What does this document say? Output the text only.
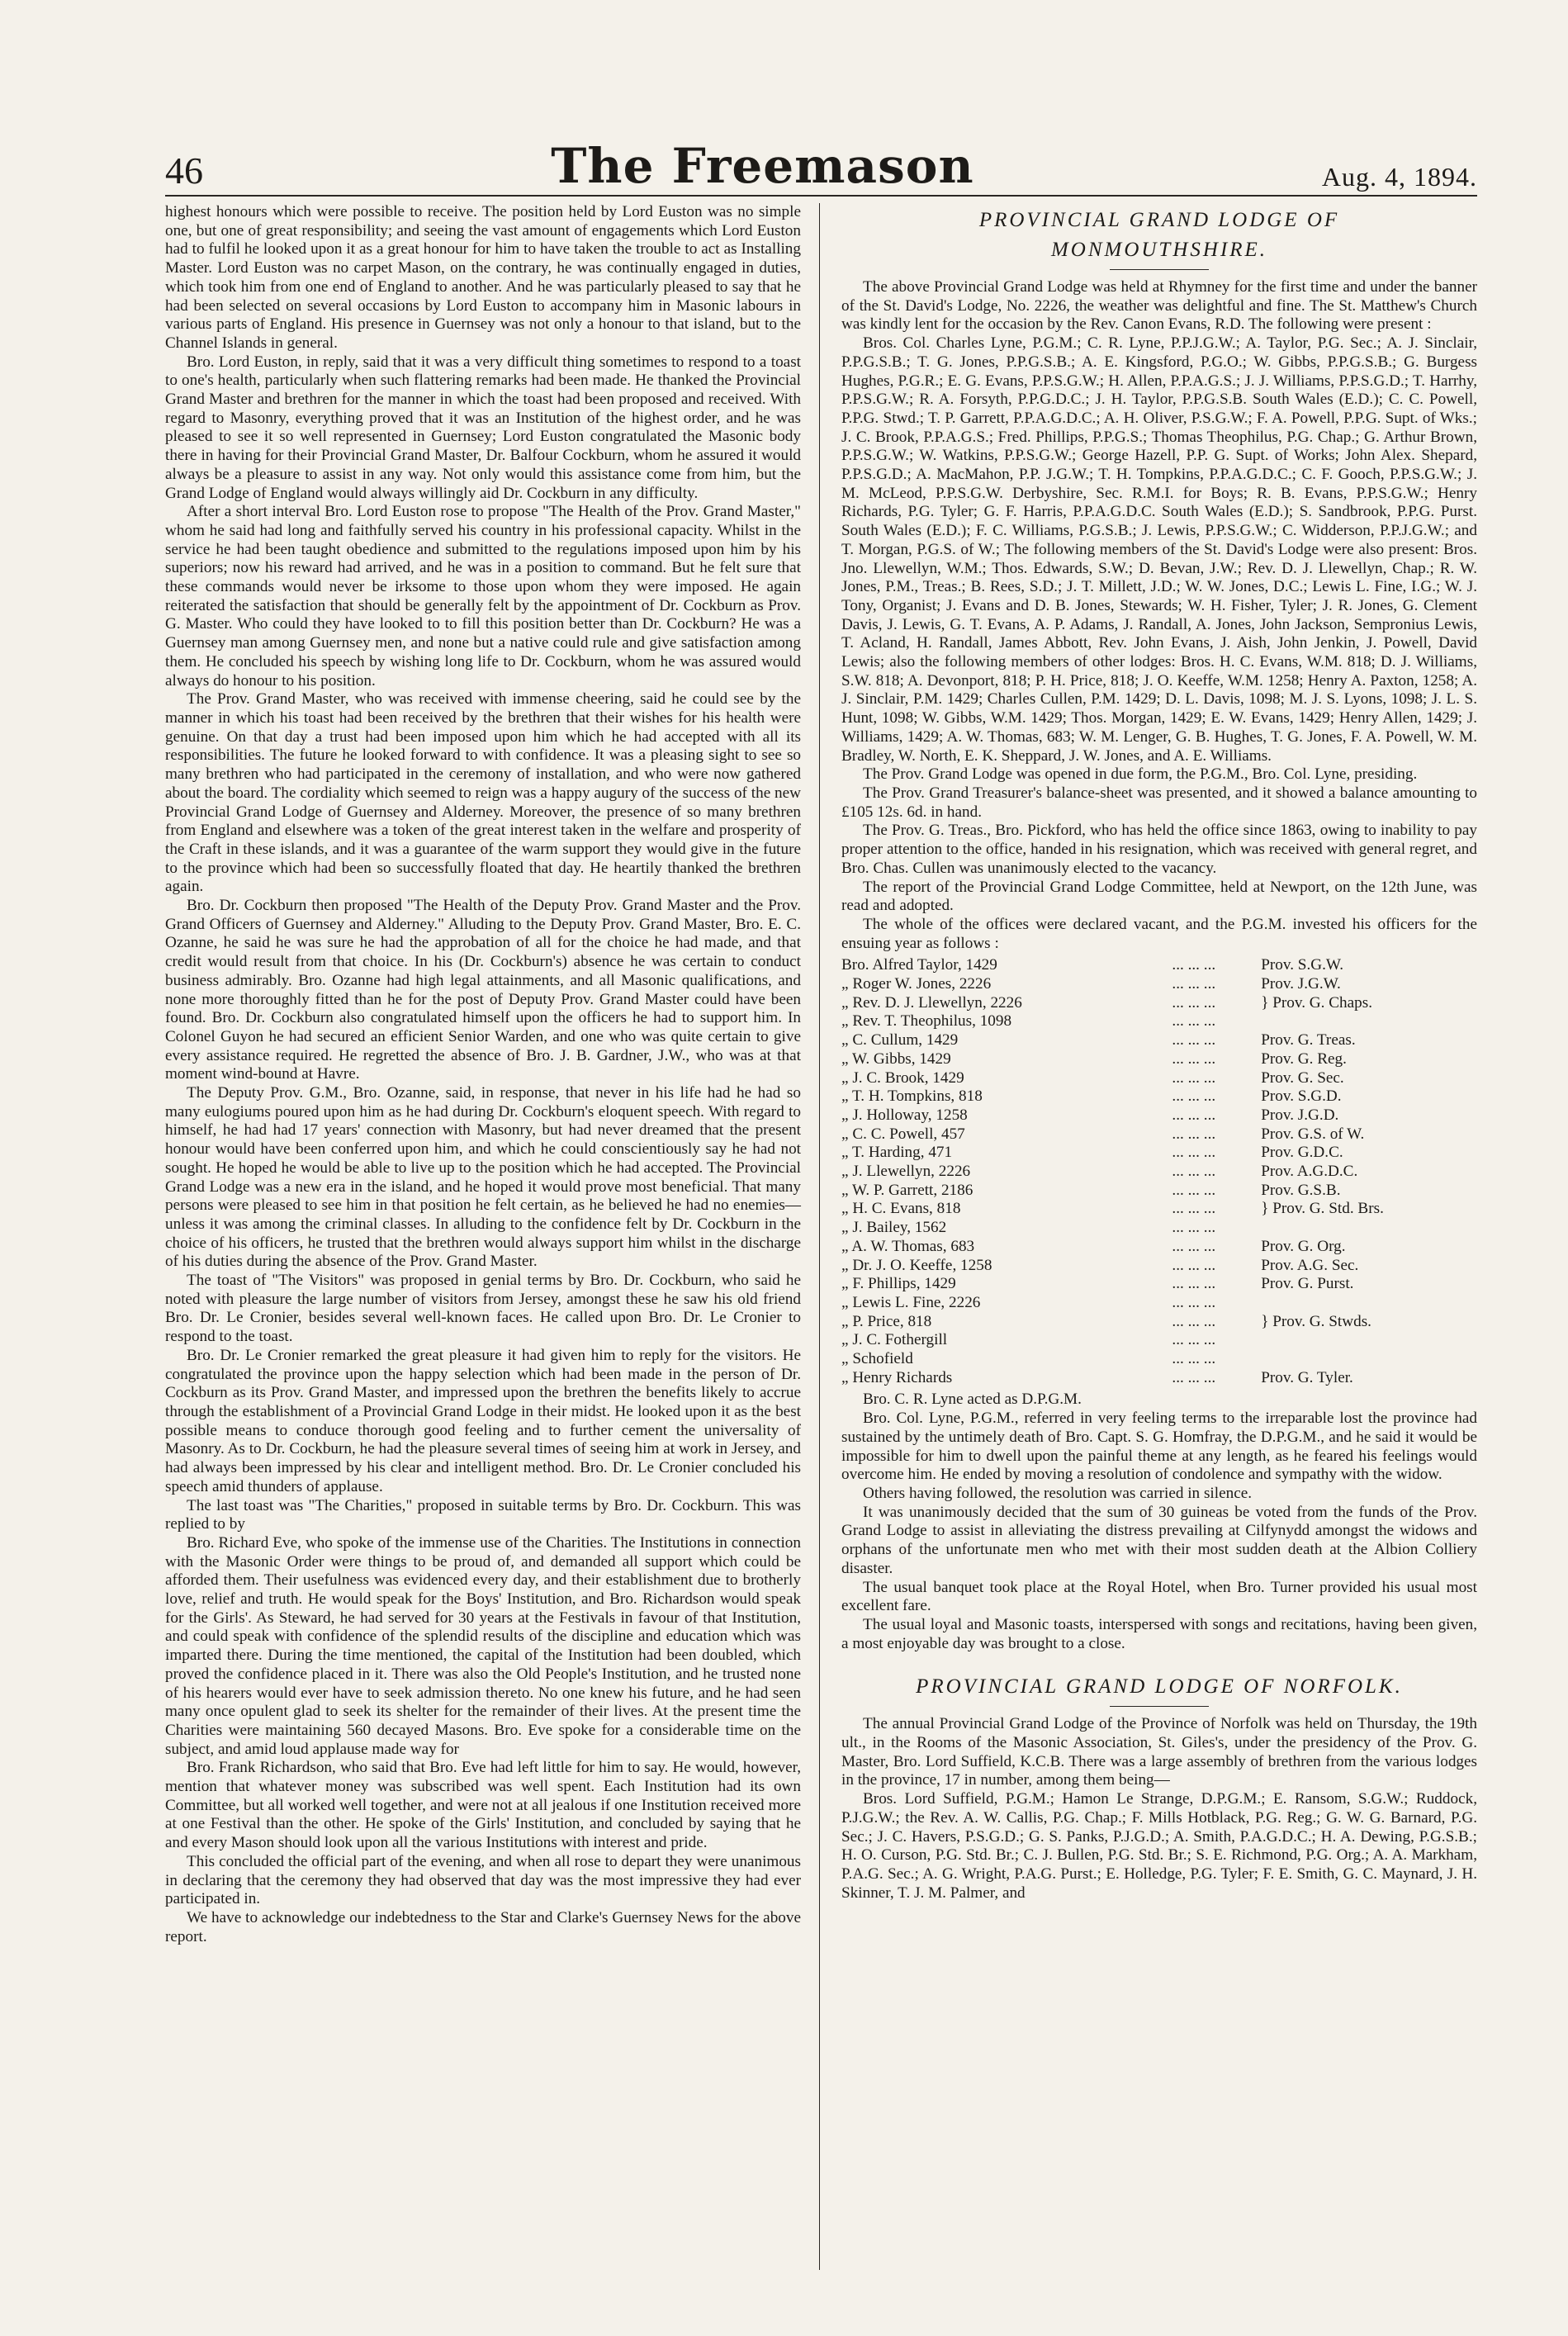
46	The Freemason	Aug. 4, 1894.

highest honours which were possible to receive. The position held by Lord Euston was no simple one, but one of great responsibility; and seeing the vast amount of engagements which Lord Euston had to fulfil he looked upon it as a great honour for him to have taken the trouble to act as Installing Master. Lord Euston was no carpet Mason, on the contrary, he was continually engaged in duties, which took him from one end of England to another. And he was particularly pleased to say that he had been selected on several occasions by Lord Euston to accompany him in Masonic labours in various parts of England. His presence in Guernsey was not only a honour to that island, but to the Channel Islands in general.

Bro. Lord Euston, in reply, said that it was a very difficult thing sometimes to respond to a toast to one's health, particularly when such flattering remarks had been made. He thanked the Provincial Grand Master and brethren for the manner in which the toast had been proposed and received. With regard to Masonry, everything proved that it was an Institution of the highest order, and he was pleased to see it so well represented in Guernsey; Lord Euston congratulated the Masonic body there in having for their Provincial Grand Master, Dr. Balfour Cockburn, whom he assured it would always be a pleasure to assist in any way. Not only would this assistance come from him, but the Grand Lodge of England would always willingly aid Dr. Cockburn in any difficulty.

After a short interval Bro. Lord Euston rose to propose "The Health of the Prov. Grand Master," whom he said had long and faithfully served his country in his professional capacity. Whilst in the service he had been taught obedience and submitted to the regulations imposed upon him by his superiors; now his reward had arrived, and he was in a position to command. But he felt sure that these commands would never be irksome to those upon whom they were imposed. He again reiterated the satisfaction that should be generally felt by the appointment of Dr. Cockburn as Prov. G. Master. Who could they have looked to to fill this position better than Dr. Cockburn? He was a Guernsey man among Guernsey men, and none but a native could rule and give satisfaction among them. He concluded his speech by wishing long life to Dr. Cockburn, whom he was assured would always do honour to his position.

The Prov. Grand Master, who was received with immense cheering, said he could see by the manner in which his toast had been received by the brethren that their wishes for his health were genuine. On that day a trust had been imposed upon him which he had accepted with all its responsibilities. The future he looked forward to with confidence. It was a pleasing sight to see so many brethren who had participated in the ceremony of installation, and who were now gathered about the board. The cordiality which seemed to reign was a happy augury of the success of the new Provincial Grand Lodge of Guernsey and Alderney. Moreover, the presence of so many brethren from England and elsewhere was a token of the great interest taken in the welfare and prosperity of the Craft in these islands, and it was a guarantee of the warm support they would give in the future to the province which had been so successfully floated that day. He heartily thanked the brethren again.

Bro. Dr. Cockburn then proposed "The Health of the Deputy Prov. Grand Master and the Prov. Grand Officers of Guernsey and Alderney." Alluding to the Deputy Prov. Grand Master, Bro. E. C. Ozanne, he said he was sure he had the approbation of all for the choice he had made, and that credit would result from that choice. In his (Dr. Cockburn's) absence he was certain to conduct business admirably. Bro. Ozanne had high legal attainments, and all Masonic qualifications, and none more thoroughly fitted than he for the post of Deputy Prov. Grand Master could have been found. Bro. Dr. Cockburn also congratulated himself upon the officers he had to support him. In Colonel Guyon he had secured an efficient Senior Warden, and one who was quite certain to give every assistance required. He regretted the absence of Bro. J. B. Gardner, J.W., who was at that moment wind-bound at Havre.

The Deputy Prov. G.M., Bro. Ozanne, said, in response, that never in his life had he had so many eulogiums poured upon him as he had during Dr. Cockburn's eloquent speech. With regard to himself, he had had 17 years' connection with Masonry, but had never dreamed that the present honour would have been conferred upon him, and which he could conscientiously say he had not sought. He hoped he would be able to live up to the position which he had accepted. The Provincial Grand Lodge was a new era in the island, and he hoped it would prove most beneficial. That many persons were pleased to see him in that position he felt certain, as he believed he had no enemies—unless it was among the criminal classes. In alluding to the confidence felt by Dr. Cockburn in the choice of his officers, he trusted that the brethren would always support him whilst in the discharge of his duties during the absence of the Prov. Grand Master.

The toast of "The Visitors" was proposed in genial terms by Bro. Dr. Cockburn, who said he noted with pleasure the large number of visitors from Jersey, amongst these he saw his old friend Bro. Dr. Le Cronier, besides several well-known faces. He called upon Bro. Dr. Le Cronier to respond to the toast.

Bro. Dr. Le Cronier remarked the great pleasure it had given him to reply for the visitors. He congratulated the province upon the happy selection which had been made in the person of Dr. Cockburn as its Prov. Grand Master, and impressed upon the brethren the benefits likely to accrue through the establishment of a Provincial Grand Lodge in their midst. He looked upon it as the best possible means to conduce thorough good feeling and to further cement the universality of Masonry. As to Dr. Cockburn, he had the pleasure several times of seeing him at work in Jersey, and had always been impressed by his clear and intelligent method. Bro. Dr. Le Cronier concluded his speech amid thunders of applause.

The last toast was "The Charities," proposed in suitable terms by Bro. Dr. Cockburn. This was replied to by

Bro. Richard Eve, who spoke of the immense use of the Charities. The Institutions in connection with the Masonic Order were things to be proud of, and demanded all support which could be afforded them. Their usefulness was evidenced every day, and their establishment due to brotherly love, relief and truth. He would speak for the Boys' Institution, and Bro. Richardson would speak for the Girls'. As Steward, he had served for 30 years at the Festivals in favour of that Institution, and could speak with confidence of the splendid results of the discipline and education which was imparted there. During the time mentioned, the capital of the Institution had been doubled, which proved the confidence placed in it. There was also the Old People's Institution, and he trusted none of his hearers would ever have to seek admission thereto. No one knew his future, and he had seen many once opulent glad to seek its shelter for the remainder of their lives. At the present time the Charities were maintaining 560 decayed Masons. Bro. Eve spoke for a considerable time on the subject, and amid loud applause made way for

Bro. Frank Richardson, who said that Bro. Eve had left little for him to say. He would, however, mention that whatever money was subscribed was well spent. Each Institution had its own Committee, but all worked well together, and were not at all jealous if one Institution received more at one Festival than the other. He spoke of the Girls' Institution, and concluded by saying that he and every Mason should look upon all the various Institutions with interest and pride.

This concluded the official part of the evening, and when all rose to depart they were unanimous in declaring that the ceremony they had observed that day was the most impressive they had ever participated in.

We have to acknowledge our indebtedness to the Star and Clarke's Guernsey News for the above report.

PROVINCIAL GRAND LODGE OF
MONMOUTHSHIRE.

The above Provincial Grand Lodge was held at Rhymney for the first time and under the banner of the St. David's Lodge, No. 2226, the weather was delightful and fine. The St. Matthew's Church was kindly lent for the occasion by the Rev. Canon Evans, R.D. The following were present :

Bros. Col. Charles Lyne, P.G.M.; C. R. Lyne, P.P.J.G.W.; A. Taylor, P.G. Sec.; A. J. Sinclair, P.P.G.S.B.; T. G. Jones, P.P.G.S.B.; A. E. Kingsford, P.G.O.; W. Gibbs, P.P.G.S.B.; G. Burgess Hughes, P.G.R.; E. G. Evans, P.P.S.G.W.; H. Allen, P.P.A.G.S.; J. J. Williams, P.P.S.G.D.; T. Harrhy, P.P.S.G.W.; R. A. Forsyth, P.P.G.D.C.; J. H. Taylor, P.P.G.S.B. South Wales (E.D.); C. C. Powell, P.P.G. Stwd.; T. P. Garrett, P.P.A.G.D.C.; A. H. Oliver, P.S.G.W.; F. A. Powell, P.P.G. Supt. of Wks.; J. C. Brook, P.P.A.G.S.; Fred. Phillips, P.P.G.S.; Thomas Theophilus, P.G. Chap.; G. Arthur Brown, P.P.S.G.W.; W. Watkins, P.P.S.G.W.; George Hazell, P.P. G. Supt. of Works; John Alex. Shepard, P.P.S.G.D.; A. MacMahon, P.P. J.G.W.; T. H. Tompkins, P.P.A.G.D.C.; C. F. Gooch, P.P.S.G.W.; J. M. McLeod, P.P.S.G.W. Derbyshire, Sec. R.M.I. for Boys; R. B. Evans, P.P.S.G.W.; Henry Richards, P.G. Tyler; G. F. Harris, P.P.A.G.D.C. South Wales (E.D.); S. Sandbrook, P.P.G. Purst. South Wales (E.D.); F. C. Williams, P.G.S.B.; J. Lewis, P.P.S.G.W.; C. Widderson, P.P.J.G.W.; and T. Morgan, P.G.S. of W.; The following members of the St. David's Lodge were also present: Bros. Jno. Llewellyn, W.M.; Thos. Edwards, S.W.; D. Bevan, J.W.; Rev. D. J. Llewellyn, Chap.; R. W. Jones, P.M., Treas.; B. Rees, S.D.; J. T. Millett, J.D.; W. W. Jones, D.C.; Lewis L. Fine, I.G.; W. J. Tony, Organist; J. Evans and D. B. Jones, Stewards; W. H. Fisher, Tyler; J. R. Jones, G. Clement Davis, J. Lewis, G. T. Evans, A. P. Adams, J. Randall, A. Jones, John Jackson, Sempronius Lewis, T. Acland, H. Randall, James Abbott, Rev. John Evans, J. Aish, John Jenkin, J. Powell, David Lewis; also the following members of other lodges: Bros. H. C. Evans, W.M. 818; D. J. Williams, S.W. 818; A. Devonport, 818; P. H. Price, 818; J. O. Keeffe, W.M. 1258; Henry A. Paxton, 1258; A. J. Sinclair, P.M. 1429; Charles Cullen, P.M. 1429; D. L. Davis, 1098; M. J. S. Lyons, 1098; J. L. S. Hunt, 1098; W. Gibbs, W.M. 1429; Thos. Morgan, 1429; E. W. Evans, 1429; Henry Allen, 1429; J. Williams, 1429; A. W. Thomas, 683; W. M. Lenger, G. B. Hughes, T. G. Jones, F. A. Powell, W. M. Bradley, W. North, E. K. Sheppard, J. W. Jones, and A. E. Williams.

The Prov. Grand Lodge was opened in due form, the P.G.M., Bro. Col. Lyne, presiding.

The Prov. Grand Treasurer's balance-sheet was presented, and it showed a balance amounting to £105 12s. 6d. in hand.

The Prov. G. Treas., Bro. Pickford, who has held the office since 1863, owing to inability to pay proper attention to the office, handed in his resignation, which was received with general regret, and Bro. Chas. Cullen was unanimously elected to the vacancy.

The report of the Provincial Grand Lodge Committee, held at Newport, on the 12th June, was read and adopted.

The whole of the offices were declared vacant, and the P.G.M. invested his officers for the ensuing year as follows :

Bro. Alfred Taylor, 1429	... ... ...	Prov. S.G.W.
„ Roger W. Jones, 2226	... ... ...	Prov. J.G.W.
„ Rev. D. J. Llewellyn, 2226	... ... ...	} Prov. G. Chaps.
„ Rev. T. Theophilus, 1098	... ... ...
„ C. Cullum, 1429	... ... ...	Prov. G. Treas.
„ W. Gibbs, 1429	... ... ...	Prov. G. Reg.
„ J. C. Brook, 1429	... ... ...	Prov. G. Sec.
„ T. H. Tompkins, 818	... ... ...	Prov. S.G.D.
„ J. Holloway, 1258	... ... ...	Prov. J.G.D.
„ C. C. Powell, 457	... ... ...	Prov. G.S. of W.
„ T. Harding, 471	... ... ...	Prov. G.D.C.
„ J. Llewellyn, 2226	... ... ...	Prov. A.G.D.C.
„ W. P. Garrett, 2186	... ... ...	Prov. G.S.B.
„ H. C. Evans, 818	... ... ...	} Prov. G. Std. Brs.
„ J. Bailey, 1562	... ... ...
„ A. W. Thomas, 683	... ... ...	Prov. G. Org.
„ Dr. J. O. Keeffe, 1258	... ... ...	Prov. A.G. Sec.
„ F. Phillips, 1429	... ... ...	Prov. G. Purst.
„ Lewis L. Fine, 2226	... ... ...
„ P. Price, 818	... ... ...	} Prov. G. Stwds.
„ J. C. Fothergill	... ... ...
„ Schofield	... ... ...
„ Henry Richards	... ... ...	Prov. G. Tyler.

Bro. C. R. Lyne acted as D.P.G.M.

Bro. Col. Lyne, P.G.M., referred in very feeling terms to the irreparable lost the province had sustained by the untimely death of Bro. Capt. S. G. Homfray, the D.P.G.M., and he said it would be impossible for him to dwell upon the painful theme at any length, as he feared his feelings would overcome him. He ended by moving a resolution of condolence and sympathy with the widow.

Others having followed, the resolution was carried in silence.

It was unanimously decided that the sum of 30 guineas be voted from the funds of the Prov. Grand Lodge to assist in alleviating the distress prevailing at Cilfynydd amongst the widows and orphans of the unfortunate men who met with their most sudden death at the Albion Colliery disaster.

The usual banquet took place at the Royal Hotel, when Bro. Turner provided his usual most excellent fare.

The usual loyal and Masonic toasts, interspersed with songs and recitations, having been given, a most enjoyable day was brought to a close.

PROVINCIAL GRAND LODGE OF NORFOLK.

The annual Provincial Grand Lodge of the Province of Norfolk was held on Thursday, the 19th ult., in the Rooms of the Masonic Association, St. Giles's, under the presidency of the Prov. G. Master, Bro. Lord Suffield, K.C.B. There was a large assembly of brethren from the various lodges in the province, 17 in number, among them being—

Bros. Lord Suffield, P.G.M.; Hamon Le Strange, D.P.G.M.; E. Ransom, S.G.W.; Ruddock, P.J.G.W.; the Rev. A. W. Callis, P.G. Chap.; F. Mills Hotblack, P.G. Reg.; G. W. G. Barnard, P.G. Sec.; J. C. Havers, P.S.G.D.; G. S. Panks, P.J.G.D.; A. Smith, P.A.G.D.C.; H. A. Dewing, P.G.S.B.; H. O. Curson, P.G. Std. Br.; C. J. Bullen, P.G. Std. Br.; S. E. Richmond, P.G. Org.; A. A. Markham, P.A.G. Sec.; A. G. Wright, P.A.G. Purst.; E. Holledge, P.G. Tyler; F. E. Smith, G. C. Maynard, J. H. Skinner, T. J. M. Palmer, and
